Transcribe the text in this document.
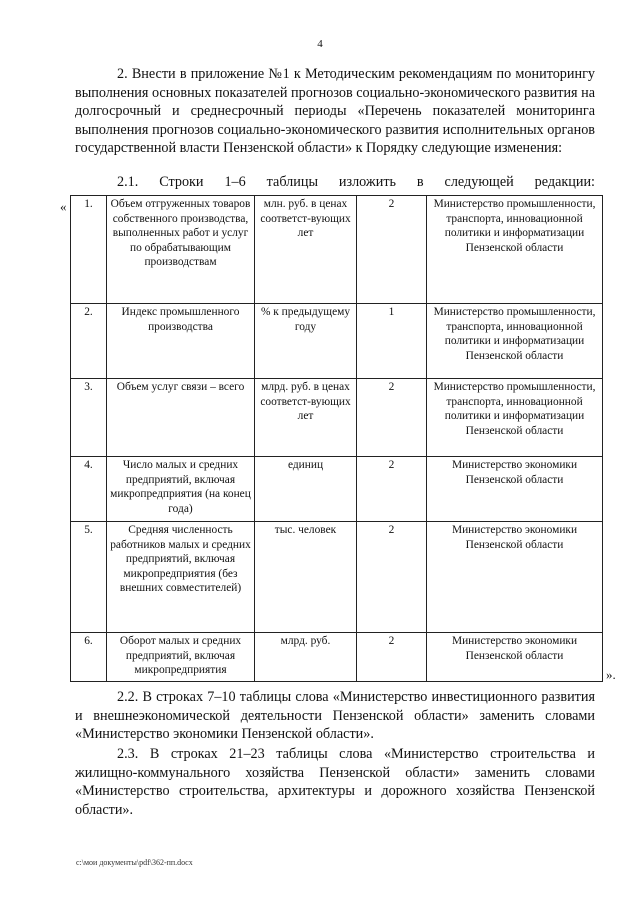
4

2. Внести в приложение №1 к Методическим рекомендациям по мониторингу выполнения основных показателей прогнозов социально-экономического развития на долгосрочный и среднесрочный периоды «Перечень показателей мониторинга выполнения прогнозов социально-экономического развития исполнительных органов государственной власти Пензенской области» к Порядку следующие изменения:

2.1. Строки 1–6 таблицы изложить в следующей редакции:

« 1.	Объем отгруженных товаров собственного производства, выполненных работ и услуг по обрабатывающим производствам	млн. руб. в ценах соответст-вующих лет	2	Министерство промышленности, транспорта, инновационной политики и информатизации Пензенской области
2.	Индекс промышленного производства	% к предыдущему году	1	Министерство промышленности, транспорта, инновационной политики и информатизации Пензенской области
3.	Объем услуг связи – всего	млрд. руб. в ценах соответст-вующих лет	2	Министерство промышленности, транспорта, инновационной политики и информатизации Пензенской области
4.	Число малых и средних предприятий, включая микропредприятия (на конец года)	единиц	2	Министерство экономики Пензенской области
5.	Средняя численность работников малых и средних предприятий, включая микропредприятия (без внешних совместителей)	тыс. человек	2	Министерство экономики Пензенской области
6.	Оборот малых и средних предприятий, включая микропредприятия	млрд. руб.	2	Министерство экономики Пензенской области
».

2.2. В строках 7–10 таблицы слова «Министерство инвестиционного развития и внешнеэкономической деятельности Пензенской области» заменить словами «Министерство экономики Пензенской области».

2.3. В строках 21–23 таблицы слова «Министерство строительства и жилищно-коммунального хозяйства Пензенской области» заменить словами «Министерство строительства, архитектуры и дорожного хозяйства Пензенской области».

c:\мои документы\pdf\362-пп.docx
